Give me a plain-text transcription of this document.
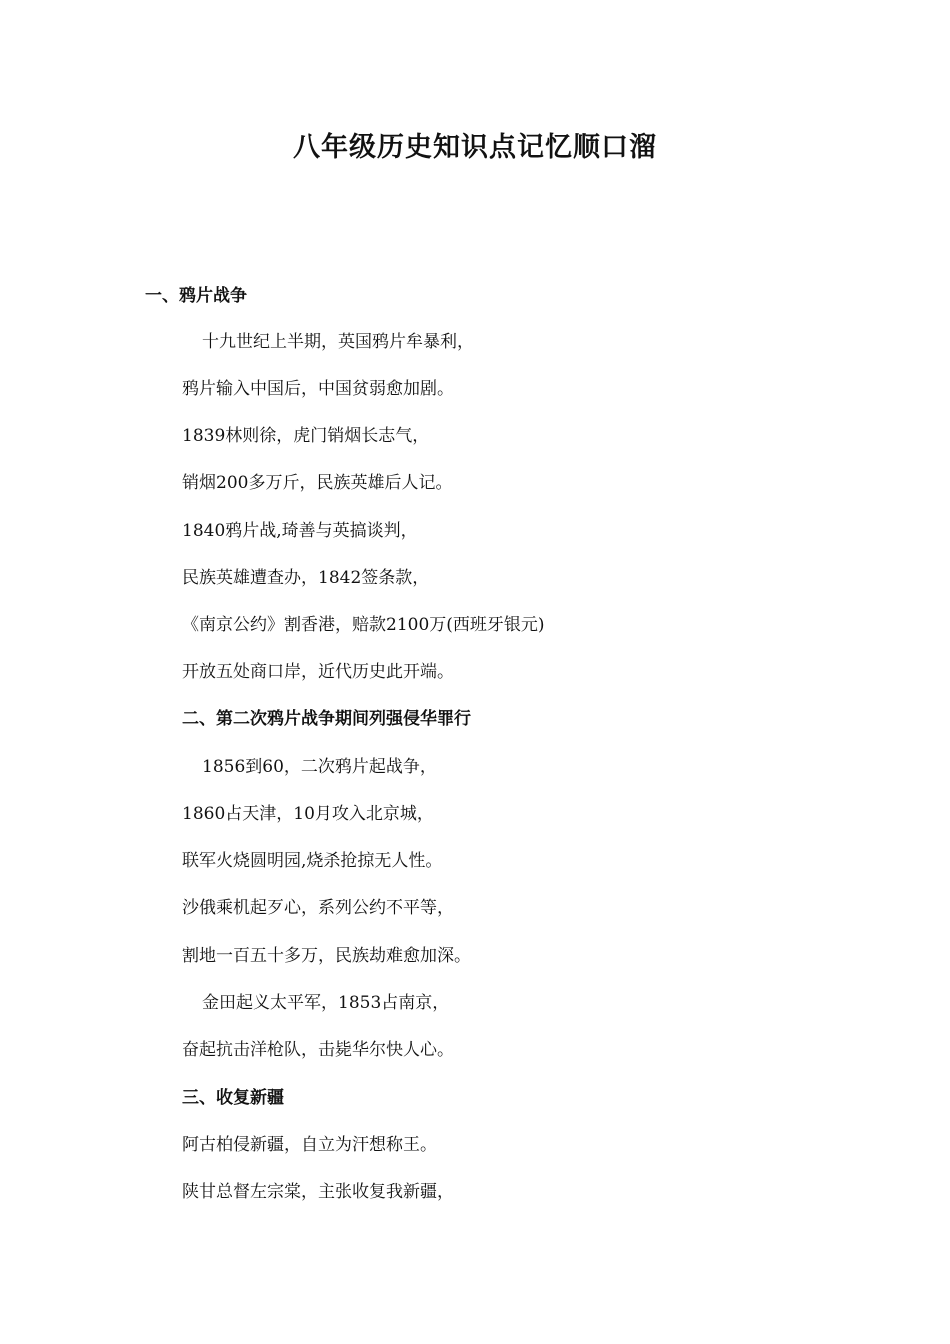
八年级历史知识点记忆顺口溜
一、鸦片战争
十九世纪上半期，英国鸦片牟暴利，
鸦片输入中国后，中国贫弱愈加剧。
1839林则徐，虎门销烟长志气，
销烟200多万斤，民族英雄后人记。
1840鸦片战,琦善与英搞谈判，
民族英雄遭查办，1842签条款，
《南京公约》割香港，赔款2100万(西班牙银元)
开放五处商口岸，近代历史此开端。
二、第二次鸦片战争期间列强侵华罪行
1856到60，二次鸦片起战争，
1860占天津，10月攻入北京城，
联军火烧圆明园,烧杀抢掠无人性。
沙俄乘机起歹心，系列公约不平等，
割地一百五十多万，民族劫难愈加深。
金田起义太平军，1853占南京，
奋起抗击洋枪队，击毙华尔快人心。
三、收复新疆
阿古柏侵新疆，自立为汗想称王。
陕甘总督左宗棠，主张收复我新疆，
